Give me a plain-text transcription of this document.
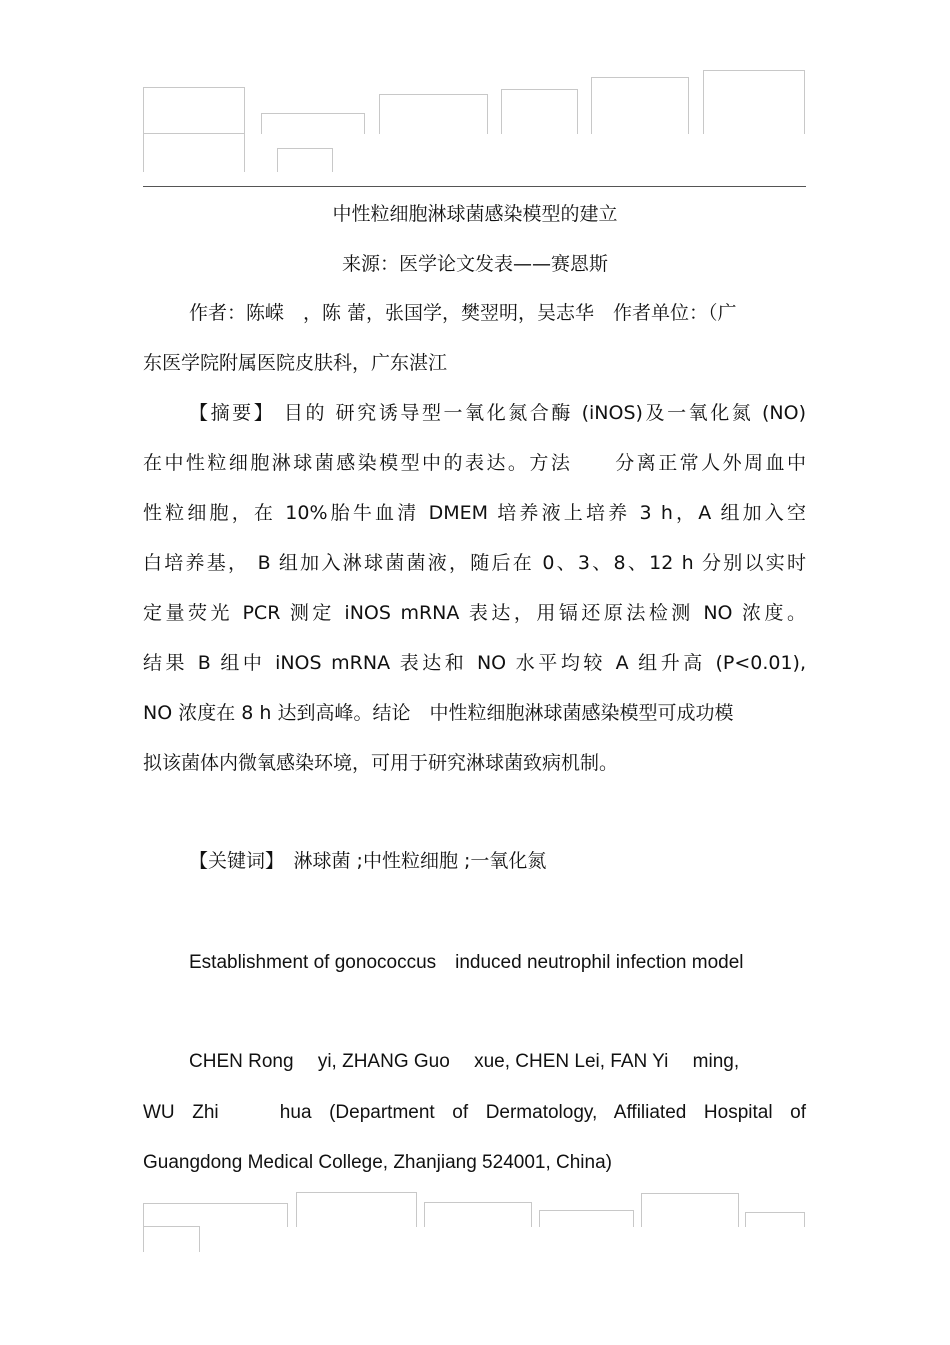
中性粒细胞淋球菌感染模型的建立
来源：医学论文发表——赛恩斯
作者：陈嵘　，陈 蕾，张国学，樊翌明，吴志华　作者单位：（广
东医学院附属医院皮肤科，广东湛江
【摘要】 目的 研究诱导型一氧化氮合酶 (iNOS)及一氧化氮 (NO)
在中性粒细胞淋球菌感染模型中的表达。方法　　分离正常人外周血中
性粒细胞，在 10%胎牛血清 DMEM 培养液上培养 3 h，A 组加入空
白培养基， B 组加入淋球菌菌液，随后在 0、3、8、12 h 分别以实时
定量荧光 PCR 测定 iNOS mRNA 表达，用镉还原法检测 NO 浓度。
结果 B 组中 iNOS mRNA 表达和 NO 水平均较 A 组升高 (P<0.01),
NO 浓度在 8 h 达到高峰。结论　中性粒细胞淋球菌感染模型可成功模
拟该菌体内微氧感染环境，可用于研究淋球菌致病机制。
【关键词】　淋球菌 ;中性粒细胞 ;一氧化氮
Establishment of gonococcus　induced neutrophil infection model
CHEN Rong　 yi, ZHANG Guo　 xue, CHEN Lei, FAN Yi　 ming,
WU Zhi　 hua (Department of Dermatology, Affiliated Hospital of
Guangdong Medical College, Zhanjiang 524001, China)
